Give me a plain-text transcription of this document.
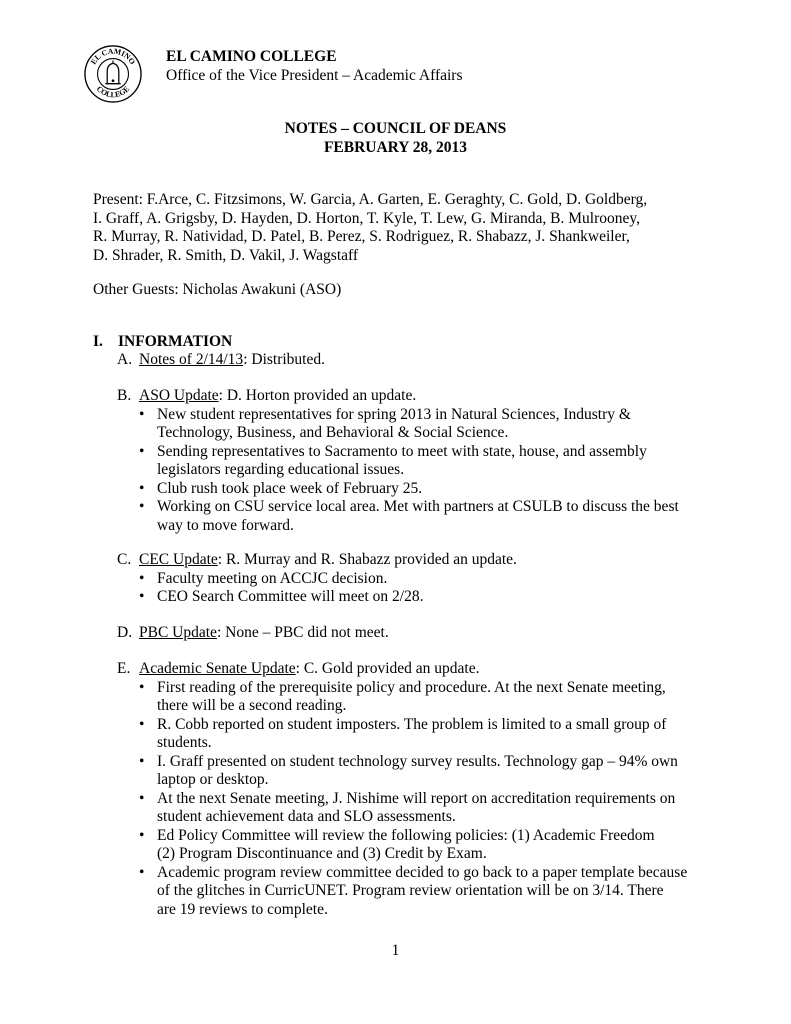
EL CAMINO
COLLEGE
EL CAMINO COLLEGE
Office of the Vice President – Academic Affairs
NOTES – COUNCIL OF DEANS
FEBRUARY 28, 2013
Present: F.Arce, C. Fitzsimons, W. Garcia, A. Garten, E. Geraghty, C. Gold, D. Goldberg,
I. Graff, A. Grigsby, D. Hayden, D. Horton, T. Kyle, T. Lew, G. Miranda, B. Mulrooney,
R. Murray, R. Natividad, D. Patel, B. Perez, S. Rodriguez, R. Shabazz, J. Shankweiler,
D. Shrader, R. Smith, D. Vakil, J. Wagstaff
Other Guests: Nicholas Awakuni (ASO)
I. INFORMATION
A. Notes of 2/14/13: Distributed.
B. ASO Update: D. Horton provided an update.
• New student representatives for spring 2013 in Natural Sciences, Industry &
Technology, Business, and Behavioral & Social Science.
• Sending representatives to Sacramento to meet with state, house, and assembly
legislators regarding educational issues.
• Club rush took place week of February 25.
• Working on CSU service local area. Met with partners at CSULB to discuss the best
way to move forward.
C. CEC Update: R. Murray and R. Shabazz provided an update.
• Faculty meeting on ACCJC decision.
• CEO Search Committee will meet on 2/28.
D. PBC Update: None – PBC did not meet.
E. Academic Senate Update: C. Gold provided an update.
• First reading of the prerequisite policy and procedure. At the next Senate meeting,
there will be a second reading.
• R. Cobb reported on student imposters. The problem is limited to a small group of
students.
• I. Graff presented on student technology survey results. Technology gap – 94% own
laptop or desktop.
• At the next Senate meeting, J. Nishime will report on accreditation requirements on
student achievement data and SLO assessments.
• Ed Policy Committee will review the following policies: (1) Academic Freedom
(2) Program Discontinuance and (3) Credit by Exam.
• Academic program review committee decided to go back to a paper template because
of the glitches in CurricUNET. Program review orientation will be on 3/14. There
are 19 reviews to complete.
1
